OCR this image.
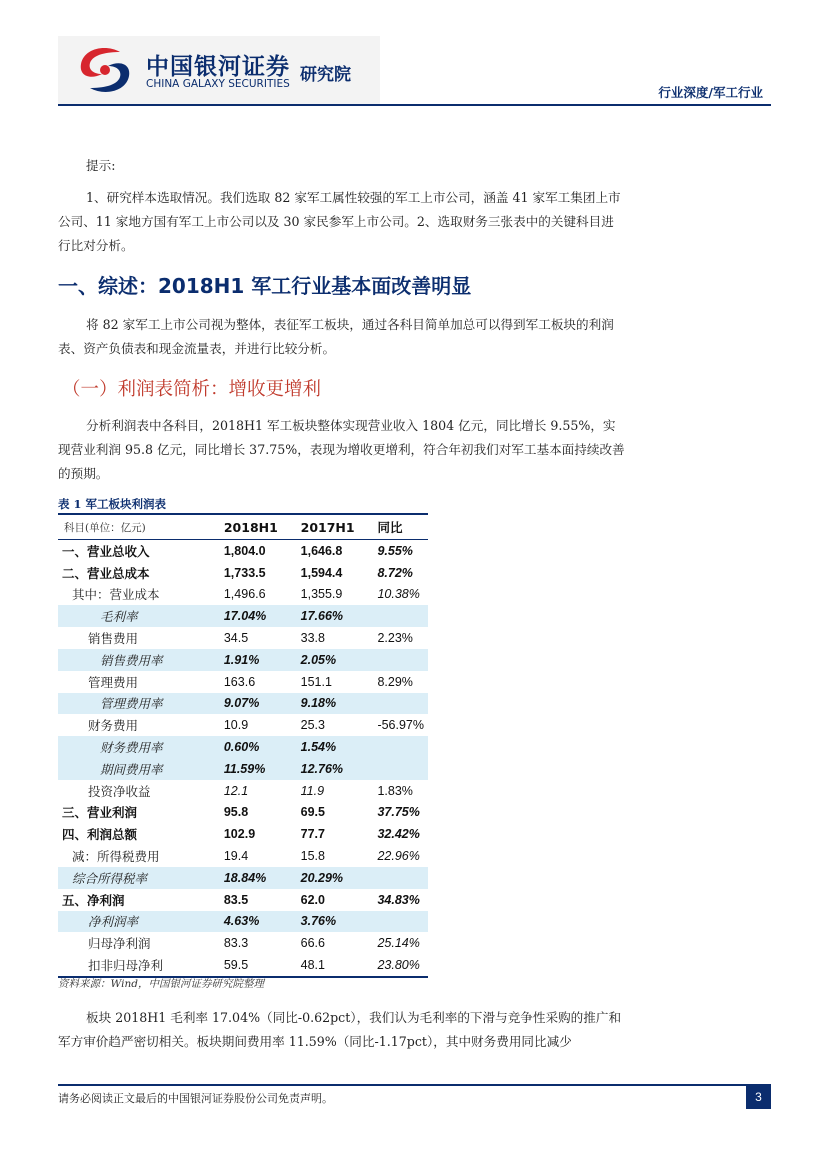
中国银河证券
CHINA GALAXY SECURITIES 研究院
行业深度/军工行业

提示:

1、研究样本选取情况。我们选取 82 家军工属性较强的军工上市公司，涵盖 41 家军工集团上市公司、11 家地方国有军工上市公司以及 30 家民参军上市公司。2、选取财务三张表中的关键科目进行比对分析。

一、综述：2018H1 军工行业基本面改善明显

将 82 家军工上市公司视为整体，表征军工板块，通过各科目简单加总可以得到军工板块的利润表、资产负债表和现金流量表，并进行比较分析。

（一）利润表简析：增收更增利

分析利润表中各科目，2018H1 军工板块整体实现营业收入 1804 亿元，同比增长 9.55%，实现营业利润 95.8 亿元，同比增长 37.75%，表现为增收更增利，符合年初我们对军工基本面持续改善的预期。

表 1 军工板块利润表
科目(单位：亿元)	2018H1	2017H1	同比
一、营业总收入	1,804.0	1,646.8	9.55%
二、营业总成本	1,733.5	1,594.4	8.72%
其中：营业成本	1,496.6	1,355.9	10.38%
毛利率	17.04%	17.66%	
销售费用	34.5	33.8	2.23%
销售费用率	1.91%	2.05%	
管理费用	163.6	151.1	8.29%
管理费用率	9.07%	9.18%	
财务费用	10.9	25.3	-56.97%
财务费用率	0.60%	1.54%	
期间费用率	11.59%	12.76%	
投资净收益	12.1	11.9	1.83%
三、营业利润	95.8	69.5	37.75%
四、利润总额	102.9	77.7	32.42%
减：所得税费用	19.4	15.8	22.96%
综合所得税率	18.84%	20.29%	
五、净利润	83.5	62.0	34.83%
净利润率	4.63%	3.76%	
归母净利润	83.3	66.6	25.14%
扣非归母净利	59.5	48.1	23.80%
资料来源：Wind，中国银河证券研究院整理

板块 2018H1 毛利率 17.04%（同比-0.62pct），我们认为毛利率的下滑与竞争性采购的推广和军方审价趋严密切相关。板块期间费用率 11.59%（同比-1.17pct），其中财务费用同比减少

请务必阅读正文最后的中国银河证券股份公司免责声明。	3
